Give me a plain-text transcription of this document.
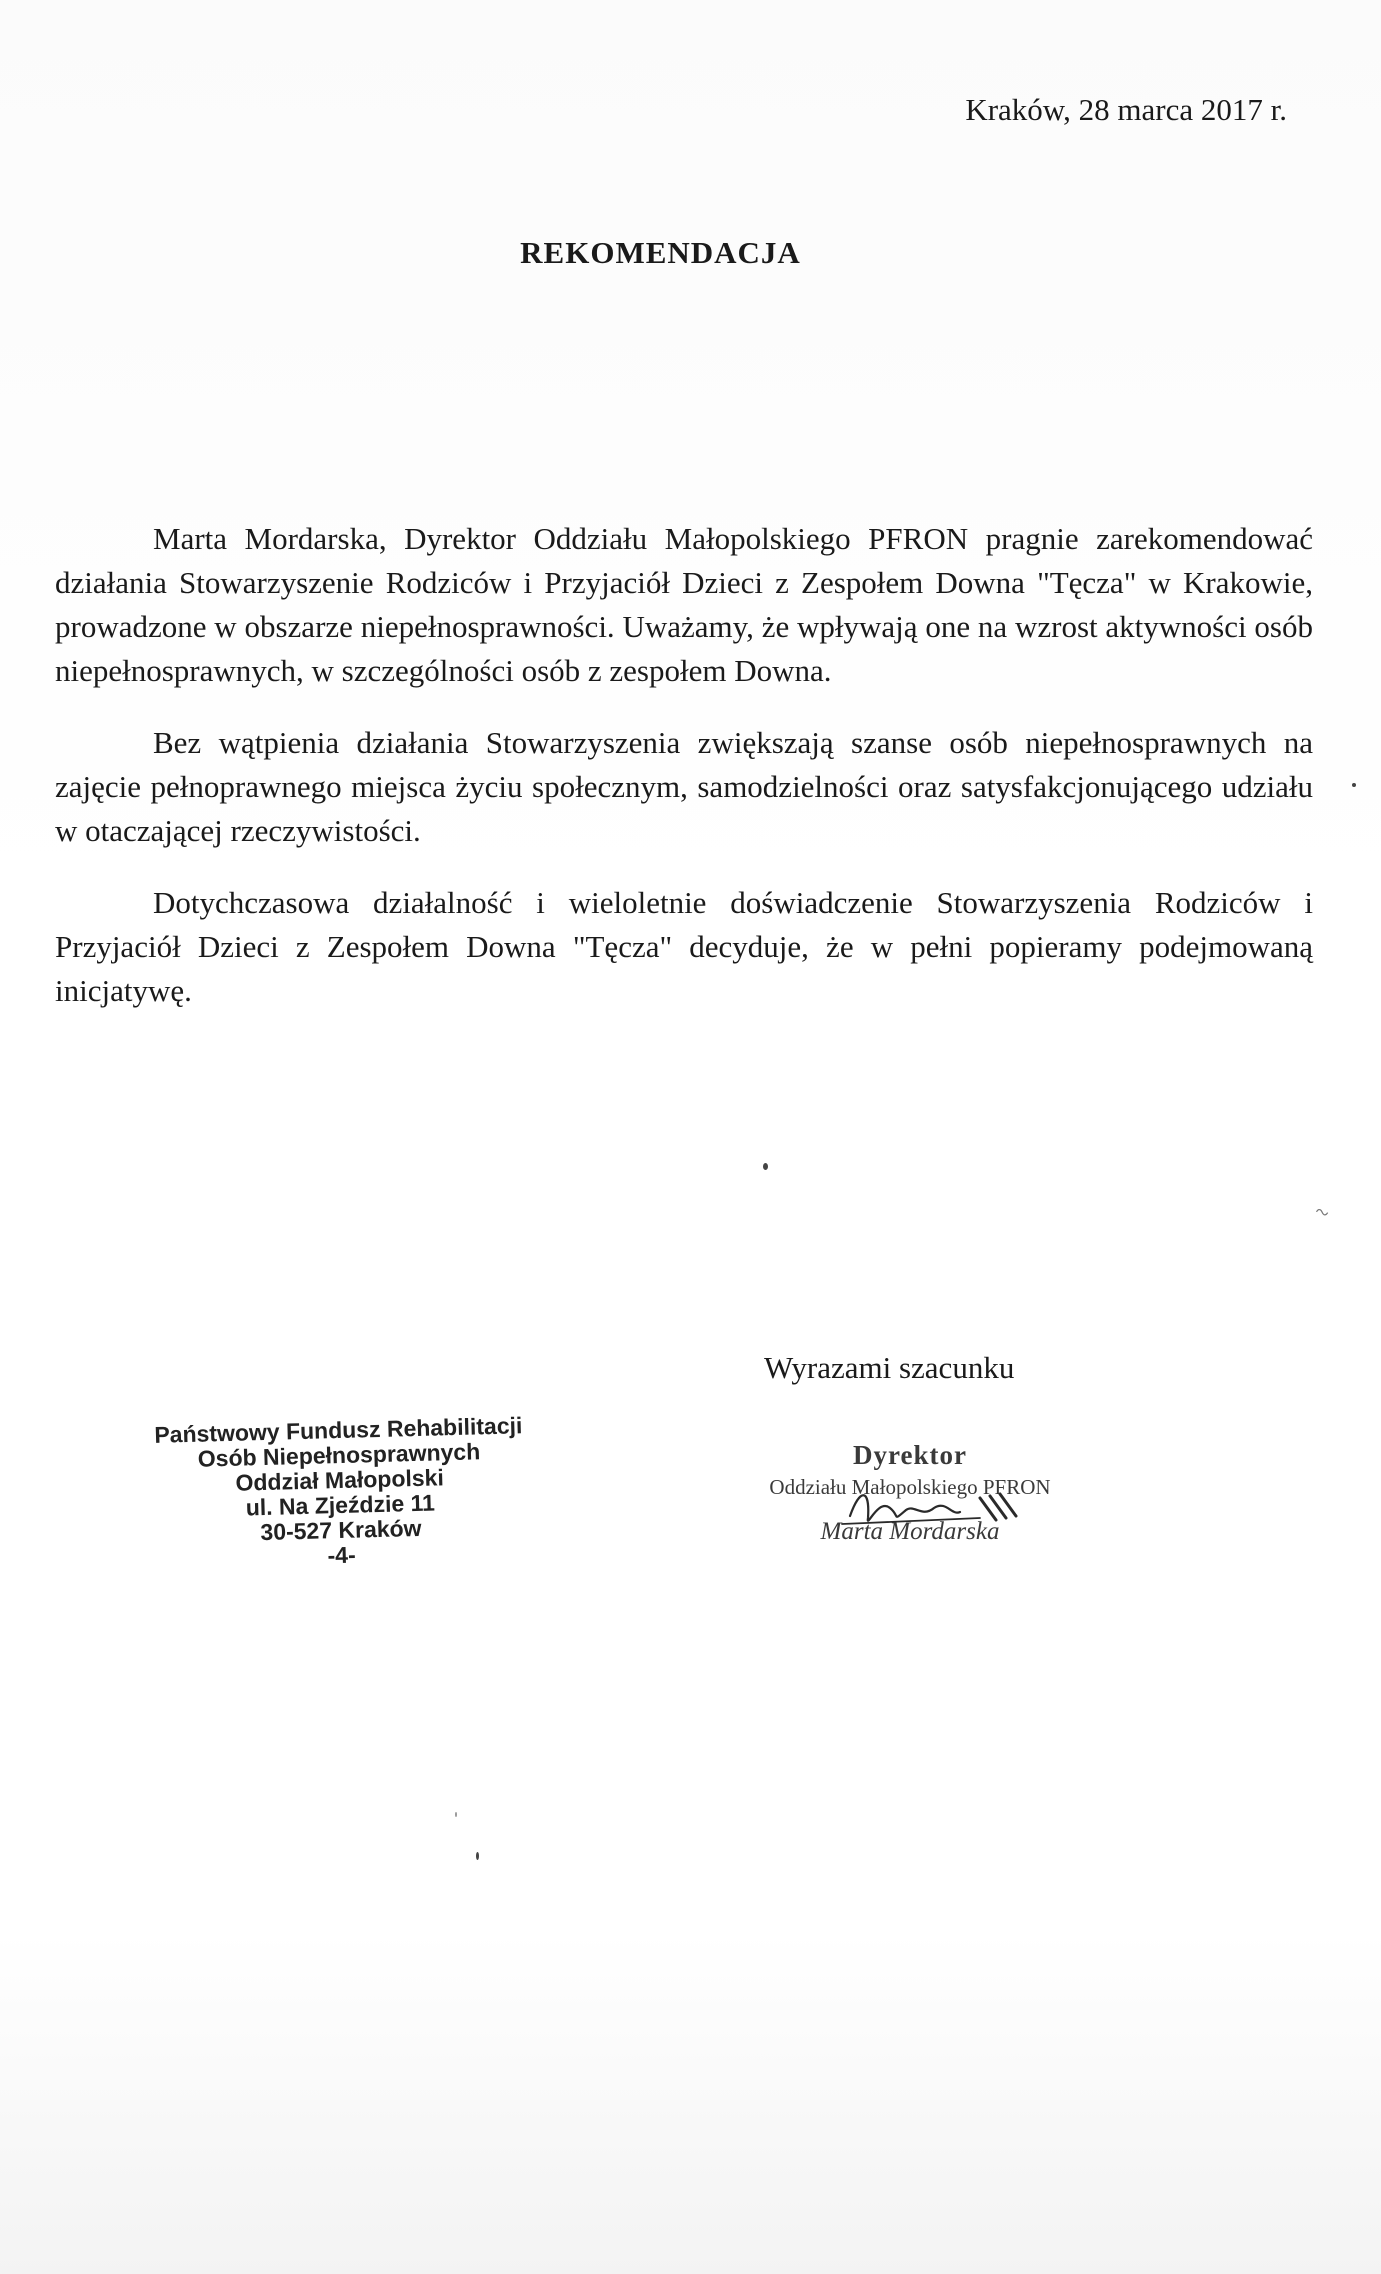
Kraków, 28 marca 2017 r.
REKOMENDACJA

Marta Mordarska, Dyrektor Oddziału Małopolskiego PFRON pragnie zarekomendować działania Stowarzyszenie Rodziców i Przyjaciół Dzieci z Zespołem Downa "Tęcza" w Krakowie, prowadzone w obszarze niepełnosprawności. Uważamy, że wpływają one na wzrost aktywności osób niepełnosprawnych, w szczególności osób z zespołem Downa.

Bez wątpienia działania Stowarzyszenia zwiększają szanse osób niepełnosprawnych na zajęcie pełnoprawnego miejsca życiu społecznym, samodzielności oraz satysfakcjonującego udziału w otaczającej rzeczywistości.

Dotychczasowa działalność i wieloletnie doświadczenie Stowarzyszenia Rodziców i Przyjaciół Dzieci z Zespołem Downa "Tęcza" decyduje, że w pełni popieramy podejmowaną inicjatywę.

Wyrazami szacunku
Państwowy Fundusz Rehabilitacji
Osób Niepełnosprawnych
Oddział Małopolski
ul. Na Zjeździe 11
30-527 Kraków
-4-
Dyrektor
Oddziału Małopolskiego PFRON
Marta Mordarska
~
